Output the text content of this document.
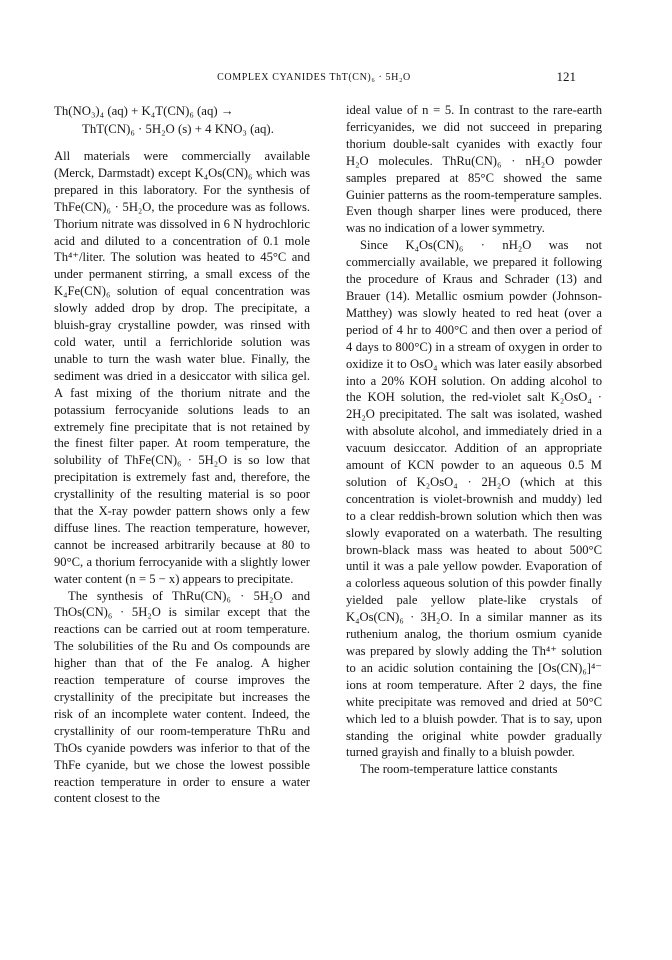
COMPLEX CYANIDES ThT(CN)₆ · 5H₂O	121
Th(NO₃)₄ (aq) + K₄T(CN)₆ (aq) →
ThT(CN)₆ · 5H₂O (s) + 4 KNO₃ (aq).

All materials were commercially available (Merck, Darmstadt) except K₄Os(CN)₆ which was prepared in this laboratory. For the synthesis of ThFe(CN)₆ · 5H₂O, the procedure was as follows. Thorium nitrate was dissolved in 6 N hydrochloric acid and diluted to a concentration of 0.1 mole Th⁴⁺/liter. The solution was heated to 45°C and under permanent stirring, a small excess of the K₄Fe(CN)₆ solution of equal concentration was slowly added drop by drop. The precipitate, a bluish-gray crystalline powder, was rinsed with cold water, until a ferrichloride solution was unable to turn the wash water blue. Finally, the sediment was dried in a desiccator with silica gel. A fast mixing of the thorium nitrate and the potassium ferrocyanide solutions leads to an extremely fine precipitate that is not retained by the finest filter paper. At room temperature, the solubility of ThFe(CN)₆ · 5H₂O is so low that precipitation is extremely fast and, therefore, the crystallinity of the resulting material is so poor that the X-ray powder pattern shows only a few diffuse lines. The reaction temperature, however, cannot be increased arbitrarily because at 80 to 90°C, a thorium ferrocyanide with a slightly lower water content (n = 5 − x) appears to precipitate.

The synthesis of ThRu(CN)₆ · 5H₂O and ThOs(CN)₆ · 5H₂O is similar except that the reactions can be carried out at room temperature. The solubilities of the Ru and Os compounds are higher than that of the Fe analog. A higher reaction temperature of course improves the crystallinity of the precipitate but increases the risk of an incomplete water content. Indeed, the crystallinity of our room-temperature ThRu and ThOs cyanide powders was inferior to that of the ThFe cyanide, but we chose the lowest possible reaction temperature in order to ensure a water content closest to the

ideal value of n = 5. In contrast to the rare-earth ferricyanides, we did not succeed in preparing thorium double-salt cyanides with exactly four H₂O molecules. ThRu(CN)₆ · nH₂O powder samples prepared at 85°C showed the same Guinier patterns as the room-temperature samples. Even though sharper lines were produced, there was no indication of a lower symmetry.

Since K₄Os(CN)₆ · nH₂O was not commercially available, we prepared it following the procedure of Kraus and Schrader (13) and Brauer (14). Metallic osmium powder (Johnson-Matthey) was slowly heated to red heat (over a period of 4 hr to 400°C and then over a period of 4 days to 800°C) in a stream of oxygen in order to oxidize it to OsO₄ which was later easily absorbed into a 20% KOH solution. On adding alcohol to the KOH solution, the red-violet salt K₂OsO₄ · 2H₂O precipitated. The salt was isolated, washed with absolute alcohol, and immediately dried in a vacuum desiccator. Addition of an appropriate amount of KCN powder to an aqueous 0.5 M solution of K₂OsO₄ · 2H₂O (which at this concentration is violet-brownish and muddy) led to a clear reddish-brown solution which then was slowly evaporated on a waterbath. The resulting brown-black mass was heated to about 500°C until it was a pale yellow powder. Evaporation of a colorless aqueous solution of this powder finally yielded pale yellow plate-like crystals of K₄Os(CN)₆ · 3H₂O. In a similar manner as its ruthenium analog, the thorium osmium cyanide was prepared by slowly adding the Th⁴⁺ solution to an acidic solution containing the [Os(CN)₆]⁴⁻ ions at room temperature. After 2 days, the fine white precipitate was removed and dried at 50°C which led to a bluish powder. That is to say, upon standing the original white powder gradually turned grayish and finally to a bluish powder.

The room-temperature lattice constants
